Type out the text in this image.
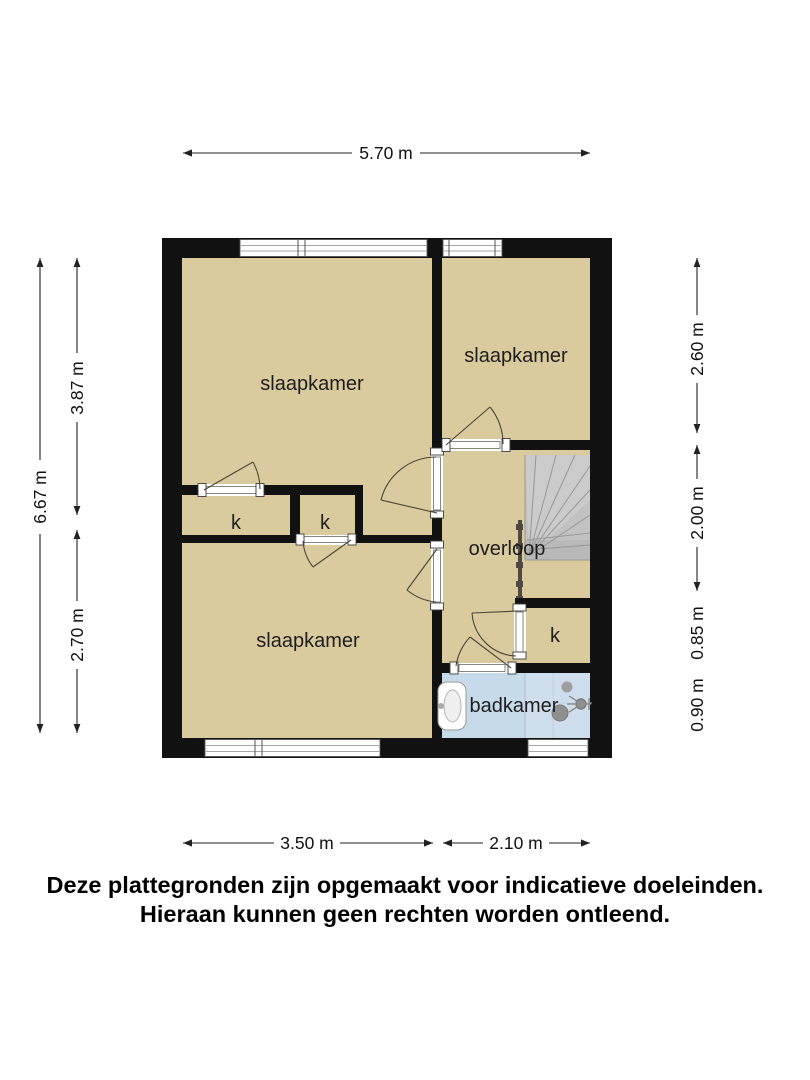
slaapkamer
slaapkamer
slaapkamer
overloop
badkamer
k	k
k
5.70 m
3.50 m	2.10 m
6.67 m
3.87 m
2.70 m
2.60 m
2.00 m
0.85 m
0.90 m
Deze plattegronden zijn opgemaakt voor indicatieve doeleinden.
Hieraan kunnen geen rechten worden ontleend.
